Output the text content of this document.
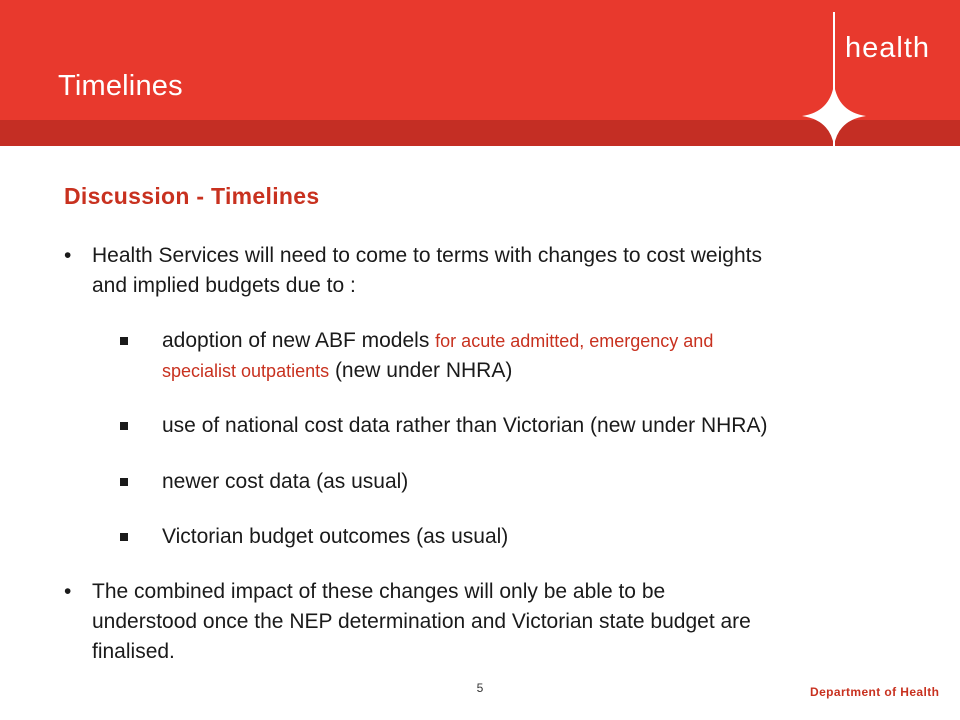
Timelines
health
Discussion - Timelines
• Health Services will need to come to terms with changes to cost weights
and implied budgets due to :
adoption of new ABF models for acute admitted, emergency and
specialist outpatients (new under NHRA)
use of national cost data rather than Victorian (new under NHRA)
newer cost data (as usual)
Victorian budget outcomes (as usual)
• The combined impact of these changes will only be able to be
understood once the NEP determination and Victorian state budget are
finalised.
5	Department of Health
